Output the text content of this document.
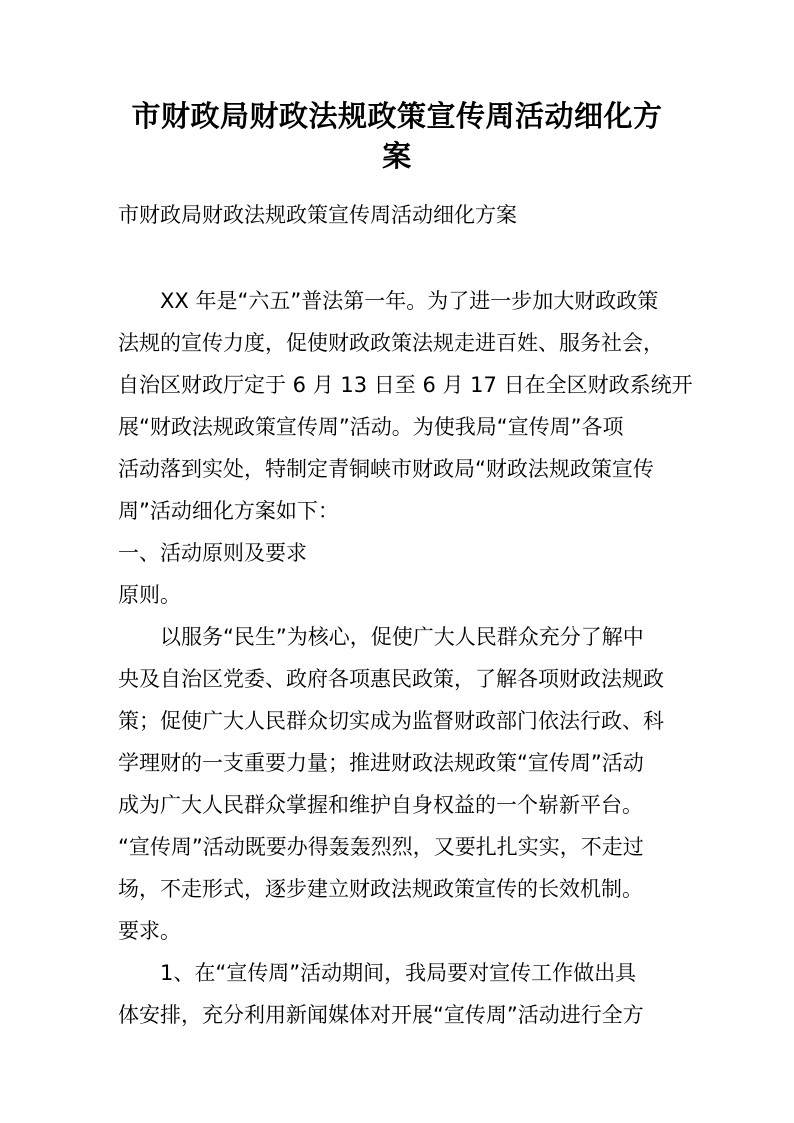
市财政局财政法规政策宣传周活动细化方
案
市财政局财政法规政策宣传周活动细化方案
XX 年是“六五”普法第一年。为了进一步加大财政政策
法规的宣传力度，促使财政政策法规走进百姓、服务社会，
自治区财政厅定于 6 月 13 日至 6 月 17 日在全区财政系统开
展“财政法规政策宣传周”活动。为使我局“宣传周”各项
活动落到实处，特制定青铜峡市财政局“财政法规政策宣传
周”活动细化方案如下：
一、活动原则及要求
原则。
以服务“民生”为核心，促使广大人民群众充分了解中
央及自治区党委、政府各项惠民政策，了解各项财政法规政
策；促使广大人民群众切实成为监督财政部门依法行政、科
学理财的一支重要力量；推进财政法规政策“宣传周”活动
成为广大人民群众掌握和维护自身权益的一个崭新平台。
“宣传周”活动既要办得轰轰烈烈，又要扎扎实实，不走过
场，不走形式，逐步建立财政法规政策宣传的长效机制。
要求。
1、在“宣传周”活动期间，我局要对宣传工作做出具
体安排，充分利用新闻媒体对开展“宣传周”活动进行全方
